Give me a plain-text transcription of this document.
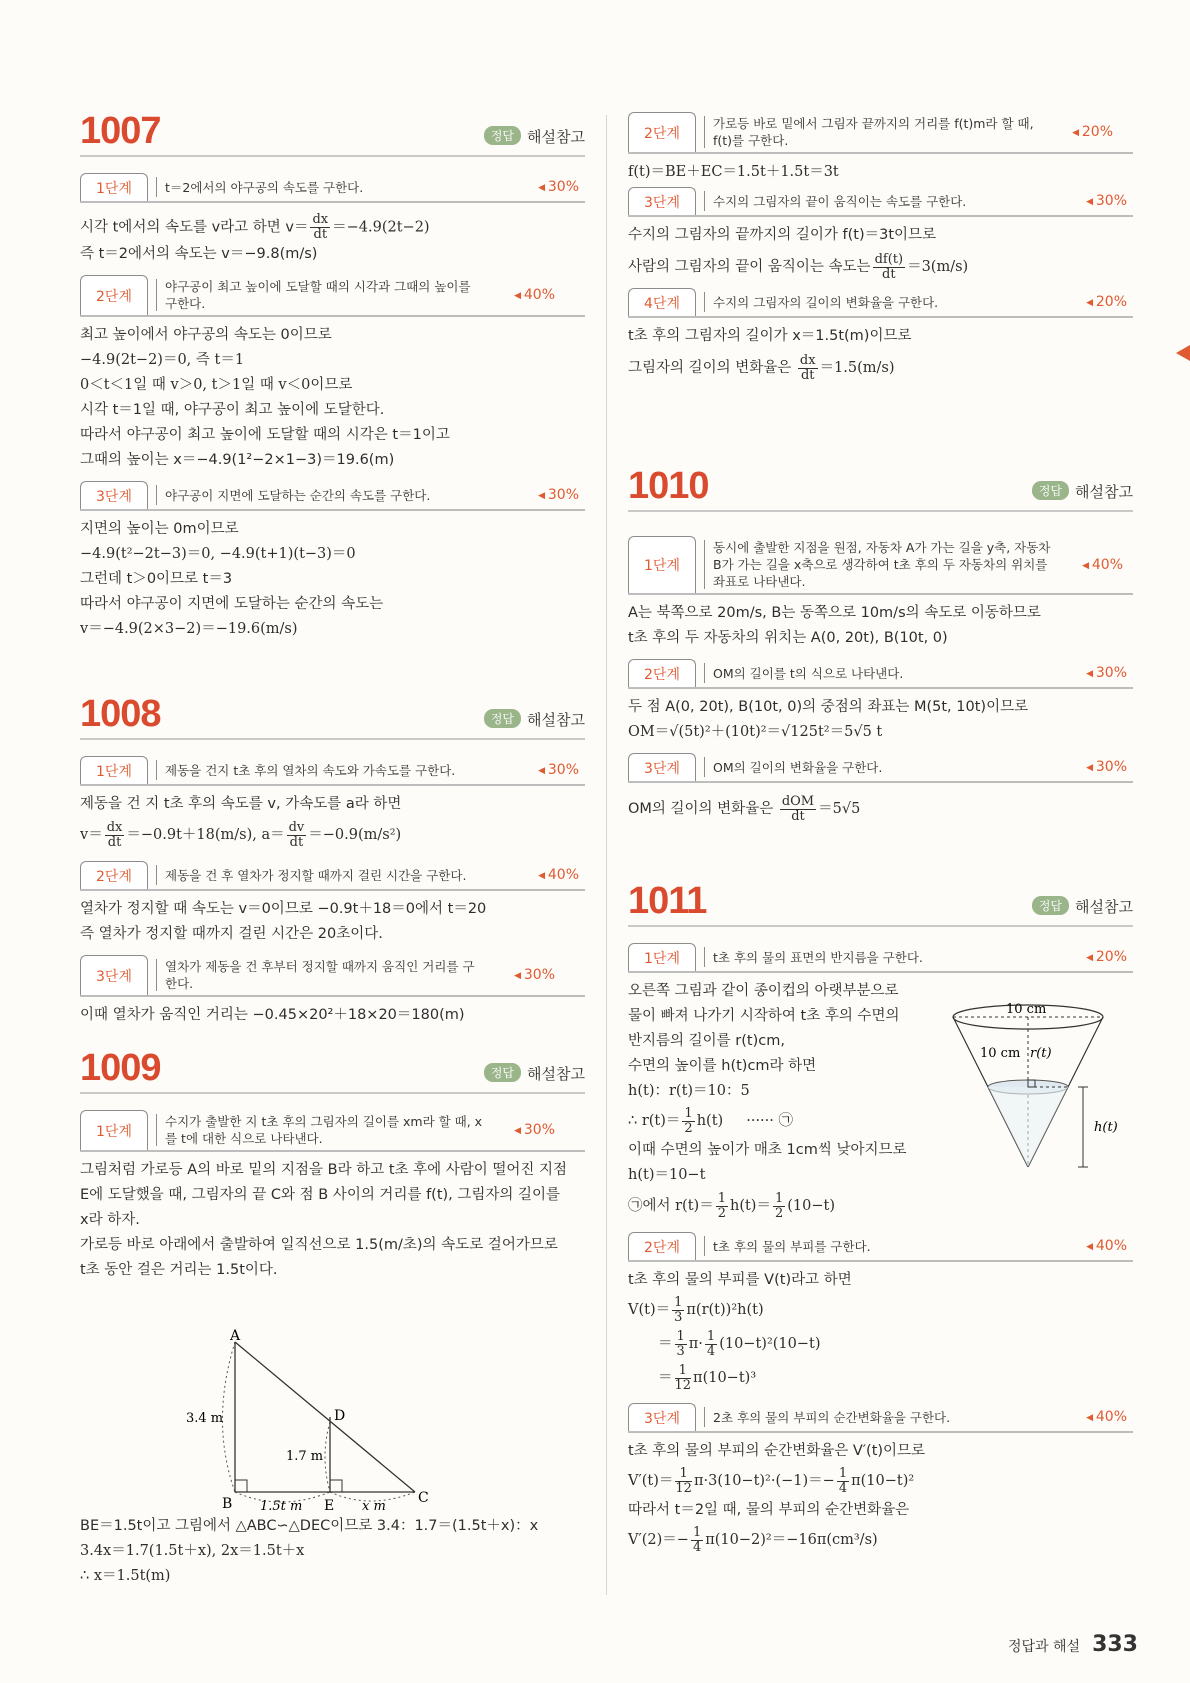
1007	정답 해설참고
1단계	t＝2에서의 야구공의 속도를 구한다.	◀ 30%
시각 t에서의 속도를 v라고 하면 $v= \frac{dx}{dt} =-4.9(2t-2)$
즉 t＝2에서의 속도는 v＝−9.8(m/s)
2단계
야구공이 최고 높이에 도달할 때의 시각과 그때의 높이를 구한다.
◀ 40%
최고 높이에서 야구공의 속도는 0이므로
−4.9(2t−2)＝0, 즉 t＝1
0＜t＜1일 때 v＞0, t＞1일 때 v＜0이므로
시각 t＝1일 때, 야구공이 최고 높이에 도달한다.
따라서 야구공이 최고 높이에 도달할 때의 시각은 t＝1이고
그때의 높이는 x＝−4.9(1²−2×1−3)＝19.6(m)
3단계	야구공이 지면에 도달하는 순간의 속도를 구한다.	◀ 30%
지면의 높이는 0m이므로
−4.9(t²−2t−3)＝0, −4.9(t+1)(t−3)＝0
그런데 t＞0이므로 t＝3
따라서 야구공이 지면에 도달하는 순간의 속도는
v＝−4.9(2×3−2)＝−19.6(m/s)
1008	정답 해설참고
1단계	제동을 건지 t초 후의 열차의 속도와 가속도를 구한다.	◀ 30%
제동을 건 지 t초 후의 속도를 v, 가속도를 a라 하면
$v= \frac{dx}{dt} =-0.9t+18(m/s)$, $a= \frac{dv}{dt} =-0.9(m/s^2)$
2단계	제동을 건 후 열차가 정지할 때까지 걸린 시간을 구한다.	◀ 40%
열차가 정지할 때 속도는 v＝0이므로 −0.9t＋18＝0에서 t＝20
즉 열차가 정지할 때까지 걸린 시간은 20초이다.
3단계
열차가 제동을 건 후부터 정지할 때까지 움직인 거리를 구한다.
◀ 30%
이때 열차가 움직인 거리는 −0.45×20²＋18×20＝180(m)
1009	정답 해설참고
1단계
수지가 출발한 지 t초 후의 그림자의 길이를 xm라 할 때, x를 t에 대한 식으로 나타낸다.
◀ 30%
그림처럼 가로등 A의 바로 밑의 지점을 B라 하고 t초 후에 사람이 떨어진 지점
E에 도달했을 때, 그림자의 끝 C와 점 B 사이의 거리를 f(t), 그림자의 길이를
x라 하자.
가로등 바로 아래에서 출발하여 일직선으로 1.5(m/초)의 속도로 걸어가므로
t초 동안 걸은 거리는 1.5t이다.
A
B	C
D
E
3.4 m
1.7 m
1.5t m	x m
BE＝1.5t이고 그림에서 △ABC∽△DEC이므로 3.4：1.7＝(1.5t＋x)：x
3.4x＝1.7(1.5t＋x), 2x＝1.5t＋x
∴ x＝1.5t(m)
2단계
가로등 바로 밑에서 그림자 끝까지의 거리를 f(t)m라 할 때, f(t)를 구한다.
◀ 20%
f(t)＝BE＋EC＝1.5t＋1.5t＝3t
3단계	수지의 그림자의 끝이 움직이는 속도를 구한다.	◀ 30%
수지의 그림자의 끝까지의 길이가 f(t)＝3t이므로
사람의 그림자의 끝이 움직이는 속도는 $\frac{df(t)}{dt} =3(m/s)$
4단계	수지의 그림자의 길이의 변화율을 구한다.	◀ 20%
t초 후의 그림자의 길이가 x＝1.5t(m)이므로
그림자의 길이의 변화율은 $\frac{dx}{dt} =1.5(m/s)$
1010	정답 해설참고
1단계
동시에 출발한 지점을 원점, 자동차 A가 가는 길을 y축, 자동차 B가 가는 길을 x축으로 생각하여 t초 후의 두 자동차의 위치를 좌표로 나타낸다.
◀ 40%
A는 북쪽으로 20m/s, B는 동쪽으로 10m/s의 속도로 이동하므로
t초 후의 두 자동차의 위치는 A(0, 20t), B(10t, 0)
2단계	OM의 길이를 t의 식으로 나타낸다.	◀ 30%
두 점 A(0, 20t), B(10t, 0)의 중점의 좌표는 M(5t, 10t)이므로
OM＝√(5t)²＋(10t)²＝√125t²＝5√5 t
3단계	OM의 길이의 변화율을 구한다.	◀ 30%
OM의 길이의 변화율은 $\frac{\text{dOM}}{dt} =5√5$
1011	정답 해설참고
1단계	t초 후의 물의 표면의 반지름을 구한다.	◀ 20%
오른쪽 그림과 같이 종이컵의 아랫부분으로
물이 빠져 나가기 시작하여 t초 후의 수면의
반지름의 길이를 r(t)cm,
수면의 높이를 h(t)cm라 하면
h(t)：r(t)＝10：5
∴ $r(t)= \frac{1}{2} h(t)$ ······ ㉠
이때 수면의 높이가 매초 1cm씩 낮아지므로
h(t)＝10−t
㉠에서 $r(t)= \frac{1}{2} h(t)= \frac{1}{2} (10-t)$
10 cm
10 cm r(t)
h(t)
2단계	t초 후의 물의 부피를 구한다.	◀ 40%
t초 후의 물의 부피를 V(t)라고 하면
$V(t)= \frac{1}{3} \pi(r(t))^2h(t)$
＝ $\frac{1}{3} \pi\cdot \frac{1}{4} (10-t)^2(10-t)$
＝ $\frac{1}{12} \pi(10-t)^3$
3단계	2초 후의 물의 부피의 순간변화율을 구한다.	◀ 40%
t초 후의 물의 부피의 순간변화율은 V′(t)이므로
$V'(t)= \frac{1}{12} \pi\cdot 3(10-t)^2\cdot(-1)=- \frac{1}{4} \pi(10-t)^2$
따라서 t＝2일 때, 물의 부피의 순간변화율은
$V'(2)=- \frac{1}{4} \pi(10-2)^2=-16\pi(cm^3/s)$
정답과 해설 333
